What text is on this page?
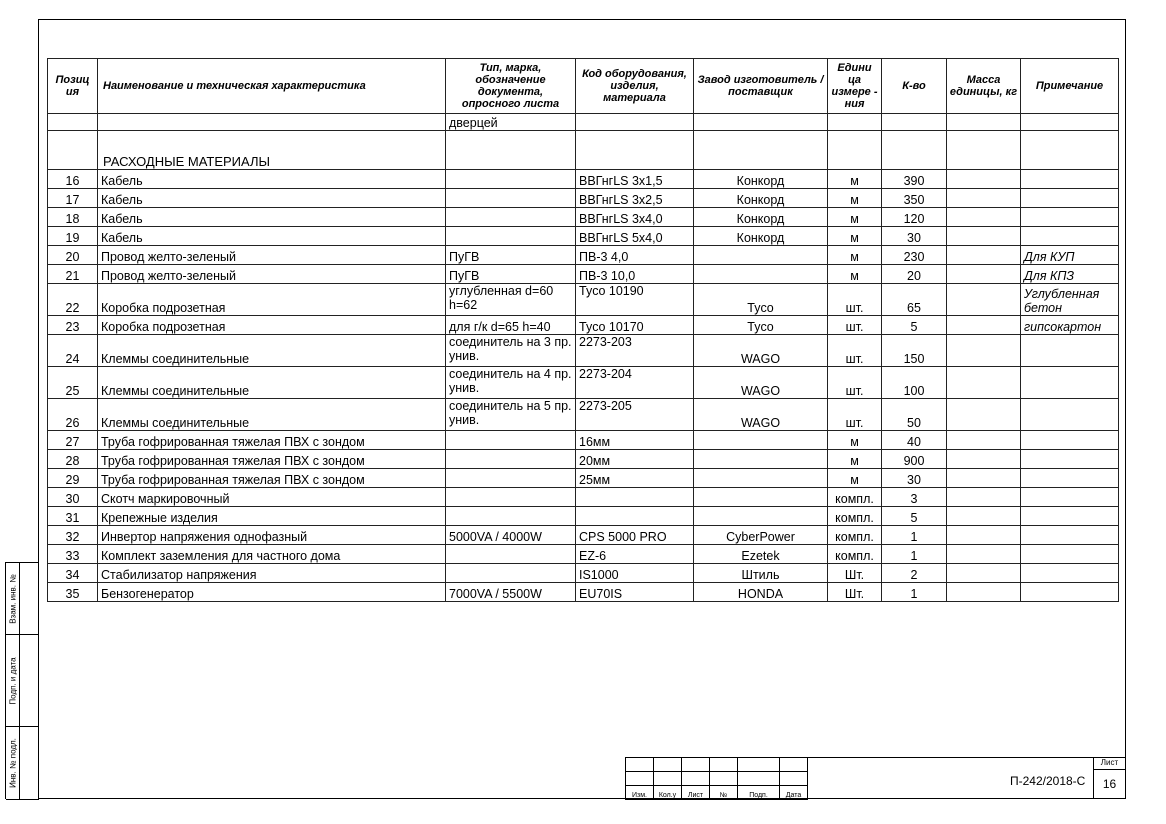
Позиц ия	Наименование и техническая характеристика	Тип, марка, обозначение документа, опросного листа	Код оборудования, изделия, материала	Завод изготовитель / поставщик	Едини ца измере - ния	К-во	Масса единицы, кг	Примечание
		дверцей						
	РАСХОДНЫЕ МАТЕРИАЛЫ							
16	Кабель		ВВГнгLS 3х1,5	Конкорд	м	390		
17	Кабель		ВВГнгLS 3х2,5	Конкорд	м	350		
18	Кабель		ВВГнгLS 3х4,0	Конкорд	м	120		
19	Кабель		ВВГнгLS 5х4,0	Конкорд	м	30		
20	Провод желто-зеленый	ПуГВ	ПВ-3 4,0		м	230		Для КУП
21	Провод желто-зеленый	ПуГВ	ПВ-3 10,0		м	20		Для КПЗ
22	Коробка подрозетная	углубленная d=60 h=62	Tyco 10190	Tyco	шт.	65		Углубленная бетон
23	Коробка подрозетная	для г/к d=65 h=40	Tyco 10170	Tyco	шт.	5		гипсокартон
24	Клеммы соединительные	соединитель на 3 пр. унив.	2273-203	WAGO	шт.	150		
25	Клеммы соединительные	соединитель на 4 пр. унив.	2273-204	WAGO	шт.	100		
26	Клеммы соединительные	соединитель на 5 пр. унив.	2273-205	WAGO	шт.	50		
27	Труба гофрированная тяжелая ПВХ с зондом		16мм		м	40		
28	Труба гофрированная тяжелая ПВХ с зондом		20мм		м	900		
29	Труба гофрированная тяжелая ПВХ с зондом		25мм		м	30		
30	Скотч маркировочный				компл.	3		
31	Крепежные изделия				компл.	5		
32	Инвертор напряжения однофазный	5000VA / 4000W	CPS 5000 PRO	CyberPower	компл.	1		
33	Комплект заземления для частного дома		EZ-6	Ezetek	компл.	1		
34	Стабилизатор напряжения		IS1000	Штиль	Шт.	2		
35	Бензогенератор	7000VA / 5500W	EU70IS	HONDA	Шт.	1		
Взам. инв. №
Подп. и дата
Инв. № подл.

Изм.	Кол.у	Лист	№	Подп.	Дата
П-242/2018-С
Лист
16
